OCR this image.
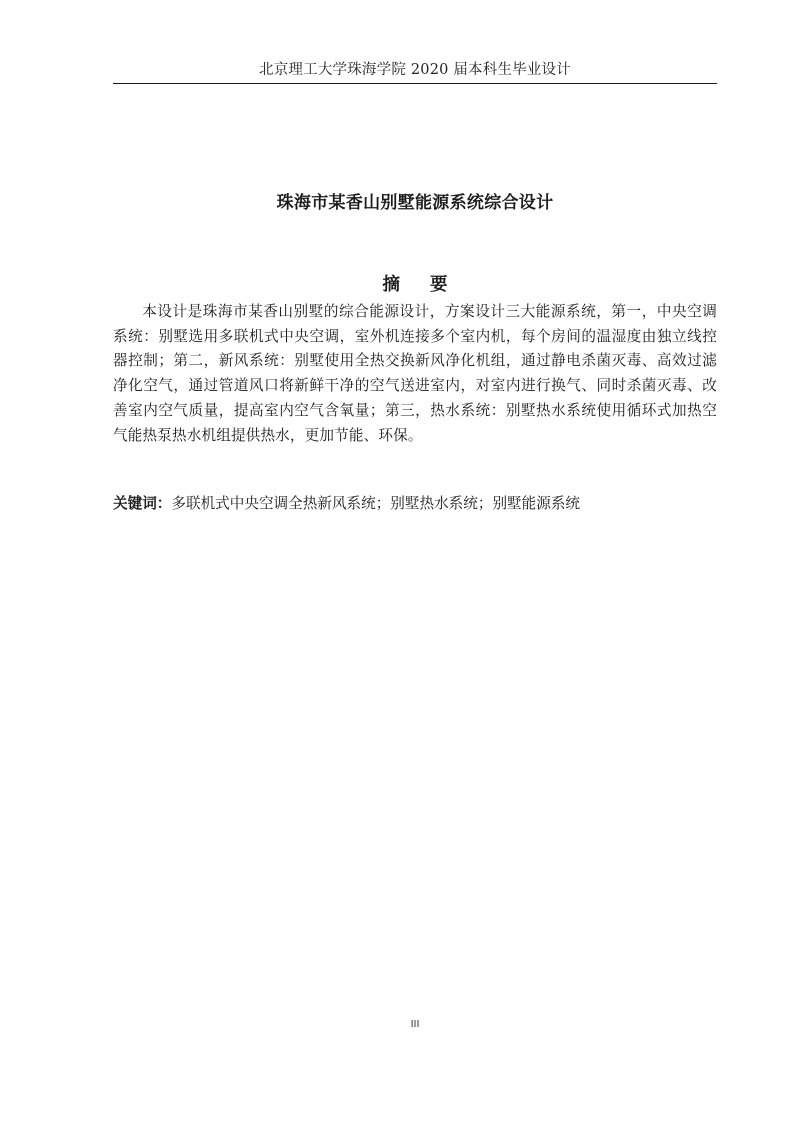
北京理工大学珠海学院 2020 届本科生毕业设计
珠海市某香山别墅能源系统综合设计
摘 要
本设计是珠海市某香山别墅的综合能源设计，方案设计三大能源系统，第一，中央空调系统：别墅选用多联机式中央空调，室外机连接多个室内机，每个房间的温湿度由独立线控器控制；第二，新风系统：别墅使用全热交换新风净化机组，通过静电杀菌灭毒、高效过滤净化空气，通过管道风口将新鲜干净的空气送进室内，对室内进行换气、同时杀菌灭毒、改善室内空气质量，提高室内空气含氧量；第三，热水系统：别墅热水系统使用循环式加热空气能热泵热水机组提供热水，更加节能、环保。
关键词：多联机式中央空调全热新风系统；别墅热水系统；别墅能源系统
III
